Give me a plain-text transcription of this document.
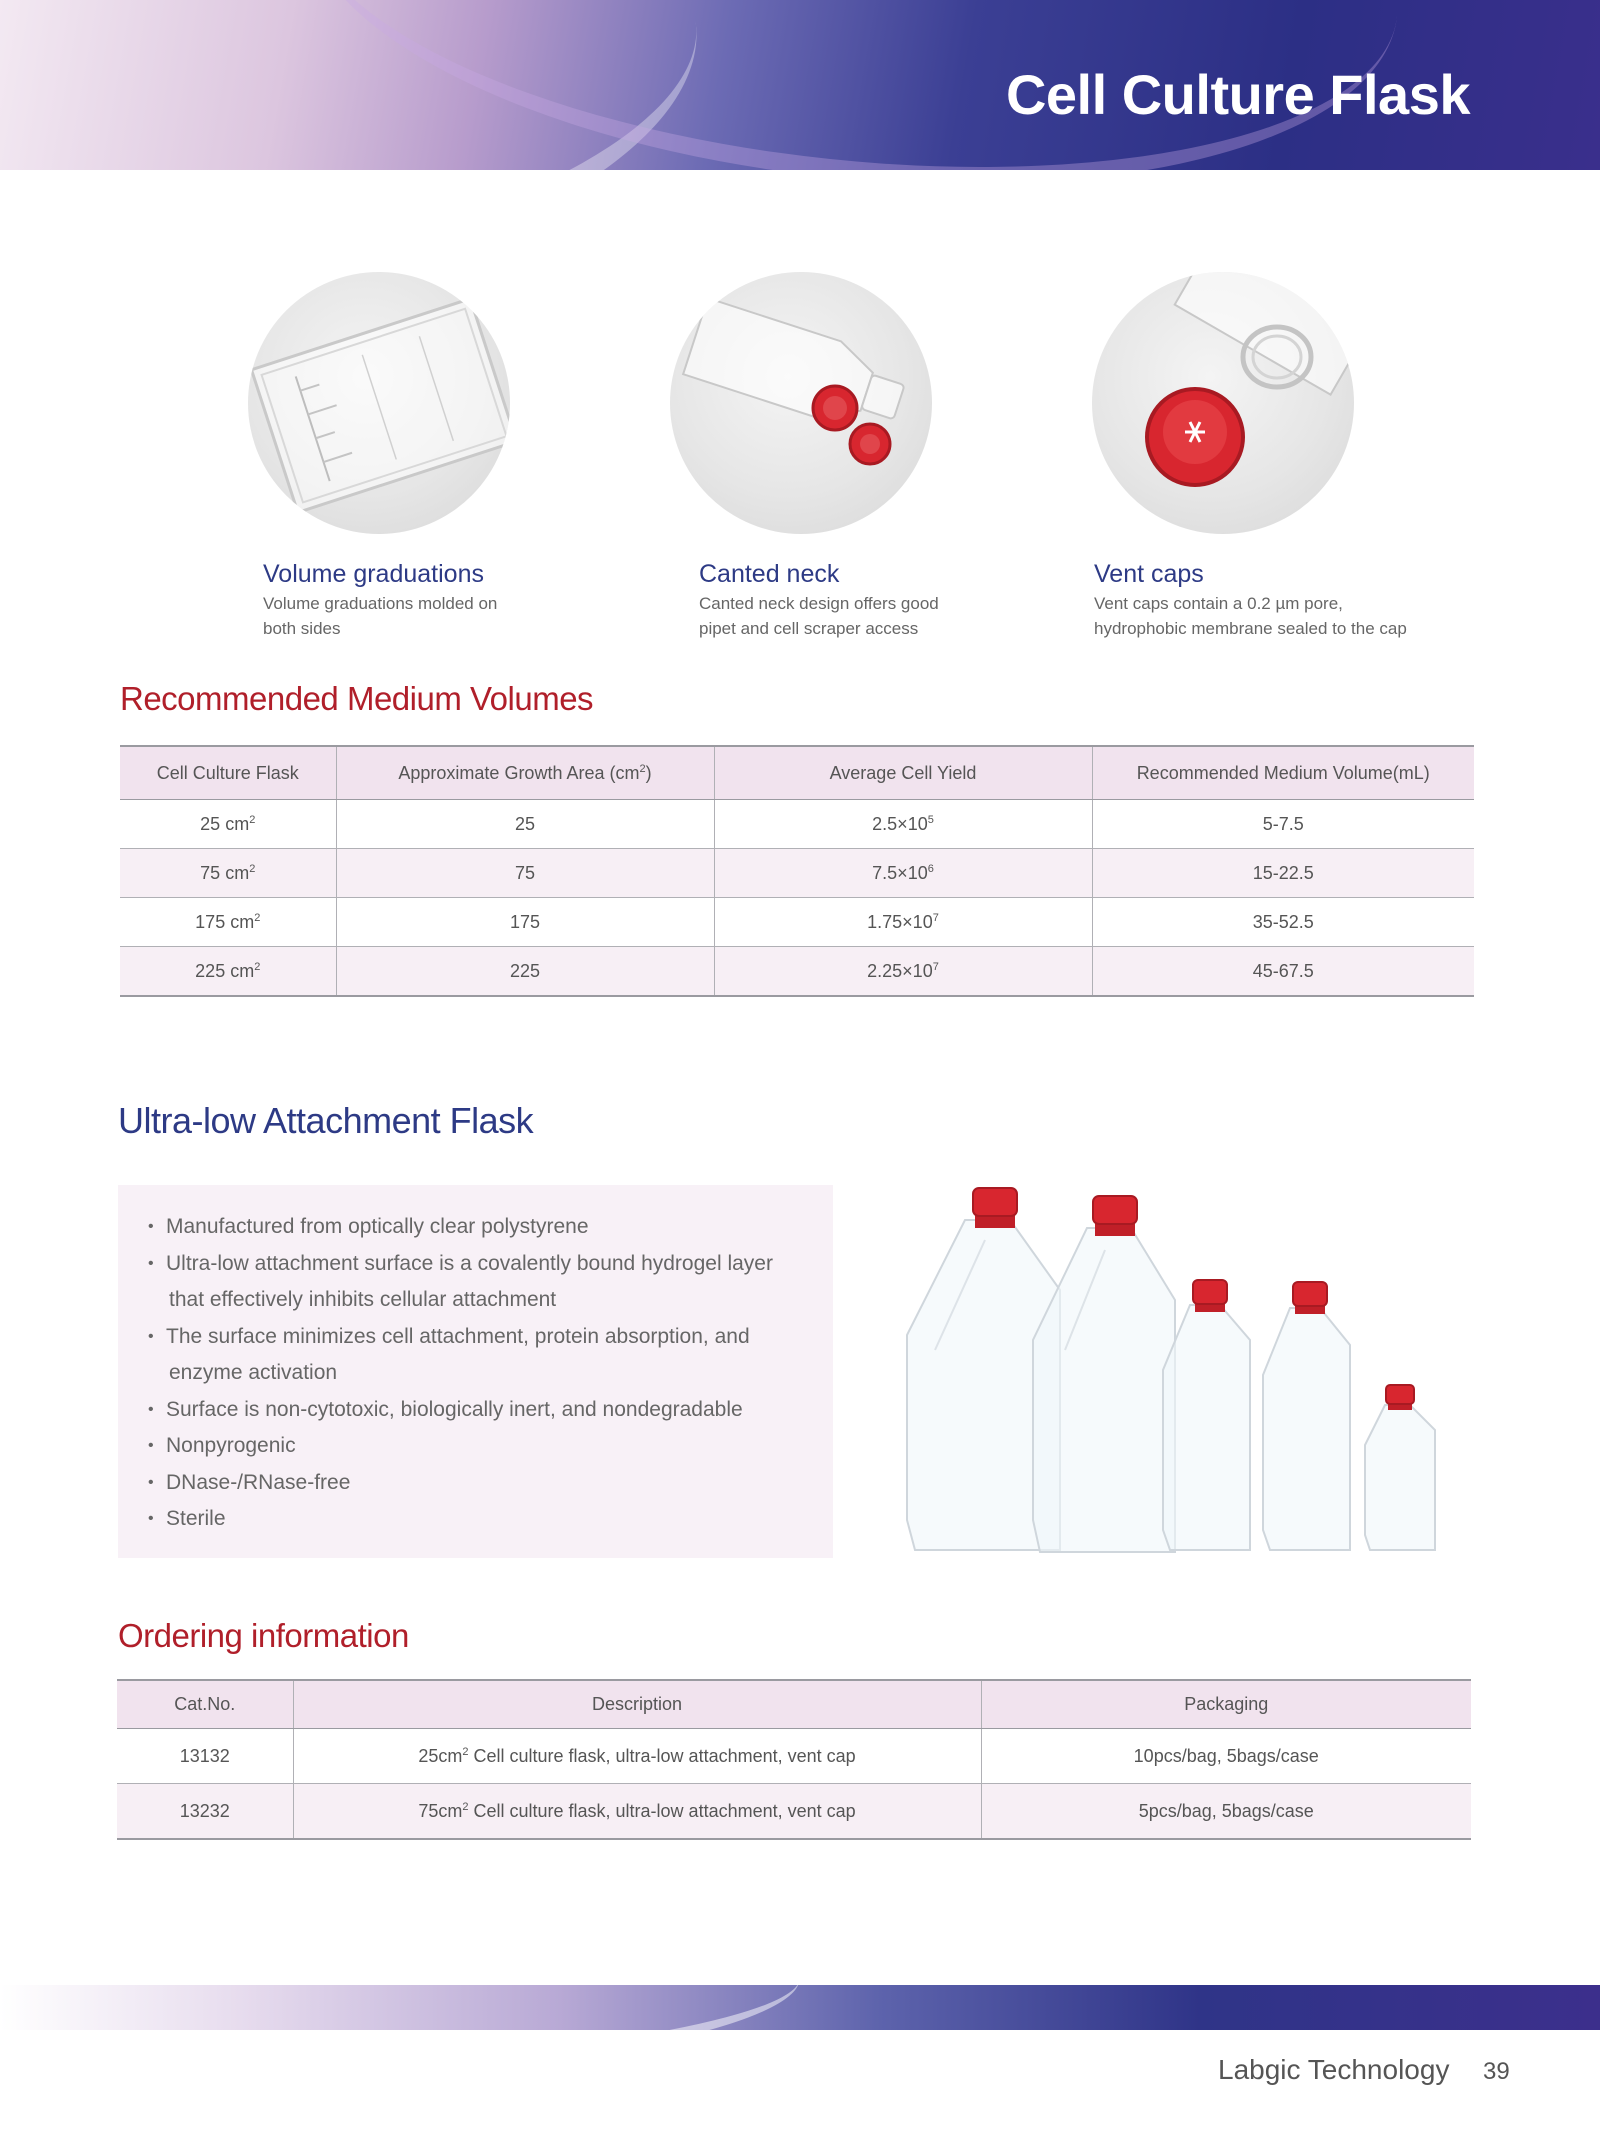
Cell Culture Flask
Volume graduations
Volume graduations molded on
both sides
Canted neck
Canted neck design offers good
pipet and cell scraper access
Vent caps
Vent caps contain a 0.2 µm pore,
hydrophobic membrane sealed to the cap
Recommended Medium Volumes
Cell Culture Flask	Approximate Growth Area $(cm^2)$	Average Cell Yield	Recommended Medium Volume(mL)
25 $cm^2$	25	$2.5\times 10^5$	5-7.5
75 $cm^2$	75	$7.5\times 10^6$	15-22.5
175 $cm^2$	175	$1.75\times 10^7$	35-52.5
225 $cm^2$	225	$2.25\times 10^7$	45-67.5
Ultra-low Attachment Flask
• Manufactured from optically clear polystyrene
• Ultra-low attachment surface is a covalently bound hydrogel layer
that effectively inhibits cellular attachment
• The surface minimizes cell attachment, protein absorption, and
enzyme activation
• Surface is non-cytotoxic, biologically inert, and nondegradable
• Nonpyrogenic
• DNase-/RNase-free
• Sterile
Ordering information
Cat.No.	Description	Packaging
13132	$25cm^2$ Cell culture flask, ultra-low attachment, vent cap	10pcs/bag, 5bags/case
13232	$75cm^2$ Cell culture flask, ultra-low attachment, vent cap	5pcs/bag, 5bags/case
Labgic Technology 39
